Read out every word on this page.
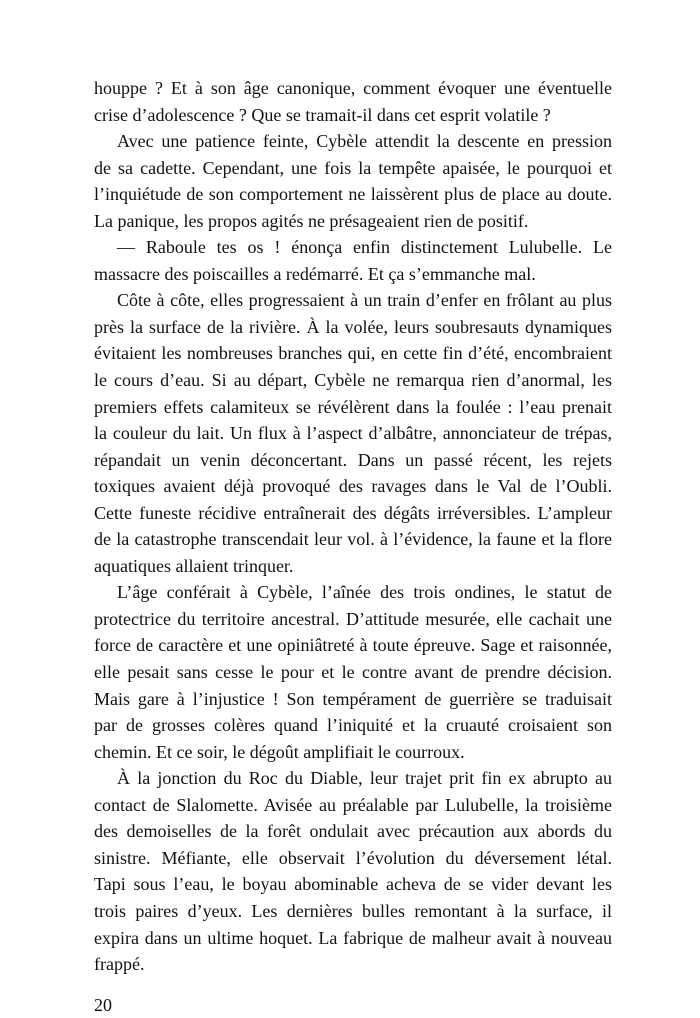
houppe ? Et à son âge canonique, comment évoquer une éventuelle
crise d’adolescence ? Que se tramait-il dans cet esprit volatile ?
Avec une patience feinte, Cybèle attendit la descente en pression
de sa cadette. Cependant, une fois la tempête apaisée, le pourquoi et
l’inquiétude de son comportement ne laissèrent plus de place au doute.
La panique, les propos agités ne présageaient rien de positif.
— Raboule tes os ! énonça enfin distinctement Lulubelle. Le
massacre des poiscailles a redémarré. Et ça s’emmanche mal.
Côte à côte, elles progressaient à un train d’enfer en frôlant au plus
près la surface de la rivière. À la volée, leurs soubresauts dynamiques
évitaient les nombreuses branches qui, en cette fin d’été, encombraient
le cours d’eau. Si au départ, Cybèle ne remarqua rien d’anormal, les
premiers effets calamiteux se révélèrent dans la foulée : l’eau prenait
la couleur du lait. Un flux à l’aspect d’albâtre, annonciateur de trépas,
répandait un venin déconcertant. Dans un passé récent, les rejets
toxiques avaient déjà provoqué des ravages dans le Val de l’Oubli.
Cette funeste récidive entraînerait des dégâts irréversibles. L’ampleur
de la catastrophe transcendait leur vol. à l’évidence, la faune et la flore
aquatiques allaient trinquer.
L’âge conférait à Cybèle, l’aînée des trois ondines, le statut de
protectrice du territoire ancestral. D’attitude mesurée, elle cachait une
force de caractère et une opiniâtreté à toute épreuve. Sage et raisonnée,
elle pesait sans cesse le pour et le contre avant de prendre décision.
Mais gare à l’injustice ! Son tempérament de guerrière se traduisait
par de grosses colères quand l’iniquité et la cruauté croisaient son
chemin. Et ce soir, le dégoût amplifiait le courroux.
À la jonction du Roc du Diable, leur trajet prit fin ex abrupto au
contact de Slalomette. Avisée au préalable par Lulubelle, la troisième
des demoiselles de la forêt ondulait avec précaution aux abords du
sinistre. Méfiante, elle observait l’évolution du déversement létal.
Tapi sous l’eau, le boyau abominable acheva de se vider devant les
trois paires d’yeux. Les dernières bulles remontant à la surface, il
expira dans un ultime hoquet. La fabrique de malheur avait à nouveau
frappé.
20
